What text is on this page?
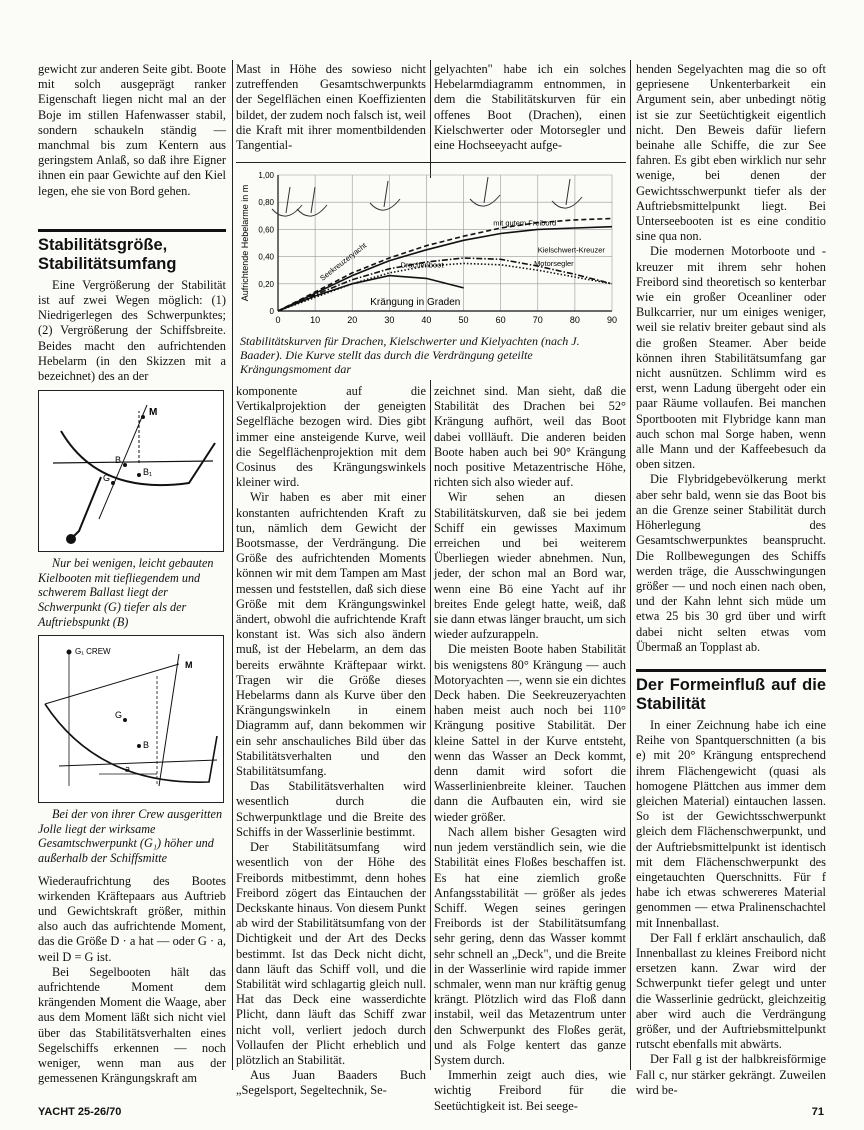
gewicht zur anderen Seite gibt. Boote mit solch ausgeprägt ranker Eigenschaft liegen nicht mal an der Boje im stillen Hafenwasser stabil, sondern schaukeln ständig — manchmal bis zum Kentern aus geringstem Anlaß, so daß ihre Eigner ihnen ein paar Gewichte auf den Kiel legen, ehe sie von Bord gehen.

Stabilitätsgröße, Stabilitätsumfang

Eine Vergrößerung der Stabilität ist auf zwei Wegen möglich: (1) Niedrigerlegen des Schwerpunktes; (2) Vergrößerung der Schiffsbreite. Beides macht den aufrichtenden Hebelarm (in den Skizzen mit a bezeichnet) des an der

M
B
G
B₁

Nur bei wenigen, leicht gebauten Kielbooten mit tiefliegendem und schwerem Ballast liegt der Schwerpunkt (G) tiefer als der Auftriebspunkt (B)

G₁ CREW
M
G
B
a

Bei der von ihrer Crew ausgeritten Jolle liegt der wirksame Gesamtschwerpunkt (G₁) höher und außerhalb der Schiffsmitte

Wiederaufrichtung des Bootes wirkenden Kräftepaars aus Auftrieb und Gewichtskraft größer, mithin also auch das aufrichtende Moment, das die Größe D · a hat — oder G · a, weil D = G ist.

Bei Segelbooten hält das aufrichtende Moment dem krängenden Moment die Waage, aber aus dem Moment läßt sich nicht viel über das Stabilitätsverhalten eines Segelschiffs erkennen — noch weniger, wenn man aus der gemessenen Krängungskraft am

Mast in Höhe des sowieso nicht zutreffenden Gesamtschwerpunkts der Segelflächen einen Koeffizienten bildet, der zudem noch falsch ist, weil die Kraft mit ihrer momentbildenden Tangential-

gelyachten" habe ich ein solches Hebelarmdiagramm entnommen, in dem die Stabilitätskurven für ein offenes Boot (Drachen), einen Kielschwerter oder Motorsegler und eine Hochseeyacht aufge-

0	10	20	30	40	50	60	70	80	90
0
0,20
0,40
0,60
0,80
1,00
Aufrichtende Hebelarme in m
Krängung in Graden
Seekreuzeryacht
mit gutem Freibord
Kielschwert-Kreuzer
Motorsegler
Drachenboot

Stabilitätskurven für Drachen, Kielschwerter und Kielyachten (nach J. Baader). Die Kurve stellt das durch die Verdrängung geteilte Krängungsmoment dar

komponente auf die Vertikalprojektion der geneigten Segelfläche bezogen wird. Dies gibt immer eine ansteigende Kurve, weil die Segelflächenprojektion mit dem Cosinus des Krängungswinkels kleiner wird.

Wir haben es aber mit einer konstanten aufrichtenden Kraft zu tun, nämlich dem Gewicht der Bootsmasse, der Verdrängung. Die Größe des aufrichtenden Moments können wir mit dem Tampen am Mast messen und feststellen, daß sich diese Größe mit dem Krängungswinkel ändert, obwohl die aufrichtende Kraft konstant ist. Was sich also ändern muß, ist der Hebelarm, an dem das bereits erwähnte Kräftepaar wirkt. Tragen wir die Größe dieses Hebelarms dann als Kurve über den Krängungswinkeln in einem Diagramm auf, dann bekommen wir ein sehr anschauliches Bild über das Stabilitätsverhalten und den Stabilitätsumfang.

Das Stabilitätsverhalten wird wesentlich durch die Schwerpunktlage und die Breite des Schiffs in der Wasserlinie bestimmt.

Der Stabilitätsumfang wird wesentlich von der Höhe des Freibords mitbestimmt, denn hohes Freibord zögert das Eintauchen der Deckskante hinaus. Von diesem Punkt ab wird der Stabilitätsumfang von der Dichtigkeit und der Art des Decks bestimmt. Ist das Deck nicht dicht, dann läuft das Schiff voll, und die Stabilität wird schlagartig gleich null. Hat das Deck eine wasserdichte Plicht, dann läuft das Schiff zwar nicht voll, verliert jedoch durch Vollaufen der Plicht erheblich und plötzlich an Stabilität.

Aus Juan Baaders Buch „Segelsport, Segeltechnik, Se-

zeichnet sind. Man sieht, daß die Stabilität des Drachen bei 52° Krängung aufhört, weil das Boot dabei vollläuft. Die anderen beiden Boote haben auch bei 90° Krängung noch positive Metazentrische Höhe, richten sich also wieder auf.

Wir sehen an diesen Stabilitätskurven, daß sie bei jedem Schiff ein gewisses Maximum erreichen und bei weiterem Überliegen wieder abnehmen. Nun, jeder, der schon mal an Bord war, wenn eine Bö eine Yacht auf ihr breites Ende gelegt hatte, weiß, daß sie dann etwas länger braucht, um sich wieder aufzurappeln.

Die meisten Boote haben Stabilität bis wenigstens 80° Krängung — auch Motoryachten —, wenn sie ein dichtes Deck haben. Die Seekreuzeryachten haben meist auch noch bei 110° Krängung positive Stabilität. Der kleine Sattel in der Kurve entsteht, wenn das Wasser an Deck kommt, denn damit wird sofort die Wasserlinienbreite kleiner. Tauchen dann die Aufbauten ein, wird sie wieder größer.

Nach allem bisher Gesagten wird nun jedem verständlich sein, wie die Stabilität eines Floßes beschaffen ist. Es hat eine ziemlich große Anfangsstabilität — größer als jedes Schiff. Wegen seines geringen Freibords ist der Stabilitätsumfang sehr gering, denn das Wasser kommt sehr schnell an „Deck", und die Breite in der Wasserlinie wird rapide immer schmaler, wenn man nur kräftig genug krängt. Plötzlich wird das Floß dann instabil, weil das Metazentrum unter den Schwerpunkt des Floßes gerät, und als Folge kentert das ganze System durch.

Immerhin zeigt auch dies, wie wichtig Freibord für die Seetüchtigkeit ist. Bei seege-

henden Segelyachten mag die so oft gepriesene Unkenterbarkeit ein Argument sein, aber unbedingt nötig ist sie zur Seetüchtigkeit eigentlich nicht. Den Beweis dafür liefern beinahe alle Schiffe, die zur See fahren. Es gibt eben wirklich nur sehr wenige, bei denen der Gewichtsschwerpunkt tiefer als der Auftriebsmittelpunkt liegt. Bei Unterseebooten ist es eine conditio sine qua non.

Die modernen Motorboote und -kreuzer mit ihrem sehr hohen Freibord sind theoretisch so kenterbar wie ein großer Oceanliner oder Bulkcarrier, nur um einiges weniger, weil sie relativ breiter gebaut sind als die großen Steamer. Aber beide können ihren Stabilitätsumfang gar nicht ausnützen. Schlimm wird es erst, wenn Ladung übergeht oder ein paar Räume vollaufen. Bei manchen Sportbooten mit Flybridge kann man auch schon mal Sorge haben, wenn alle Mann und der Kaffeebesuch da oben sitzen.

Die Flybridgebevölkerung merkt aber sehr bald, wenn sie das Boot bis an die Grenze seiner Stabilität durch Höherlegung des Gesamtschwerpunktes beansprucht. Die Rollbewegungen des Schiffs werden träge, die Ausschwingungen größer — und noch einen nach oben, und der Kahn lehnt sich müde um etwa 25 bis 30 grd über und wirft dabei nicht selten etwas vom Übermaß an Topplast ab.

Der Formeinfluß auf die Stabilität

In einer Zeichnung habe ich eine Reihe von Spantquerschnitten (a bis e) mit 20° Krängung entsprechend ihrem Flächengewicht (quasi als homogene Plättchen aus immer dem gleichen Material) eintauchen lassen. So ist der Gewichtsschwerpunkt gleich dem Flächenschwerpunkt, und der Auftriebsmittelpunkt ist identisch mit dem Flächenschwerpunkt des eingetauchten Querschnitts. Für f habe ich etwas schwereres Material genommen — etwa Pralinenschachtel mit Innenballast.

Der Fall f erklärt anschaulich, daß Innenballast zu kleines Freibord nicht ersetzen kann. Zwar wird der Schwerpunkt tiefer gelegt und unter die Wasserlinie gedrückt, gleichzeitig aber wird auch die Verdrängung größer, und der Auftriebsmittelpunkt rutscht ebenfalls mit abwärts.

Der Fall g ist der halbkreisförmige Fall c, nur stärker gekrängt. Zuweilen wird be-

YACHT 25-26/70	71
